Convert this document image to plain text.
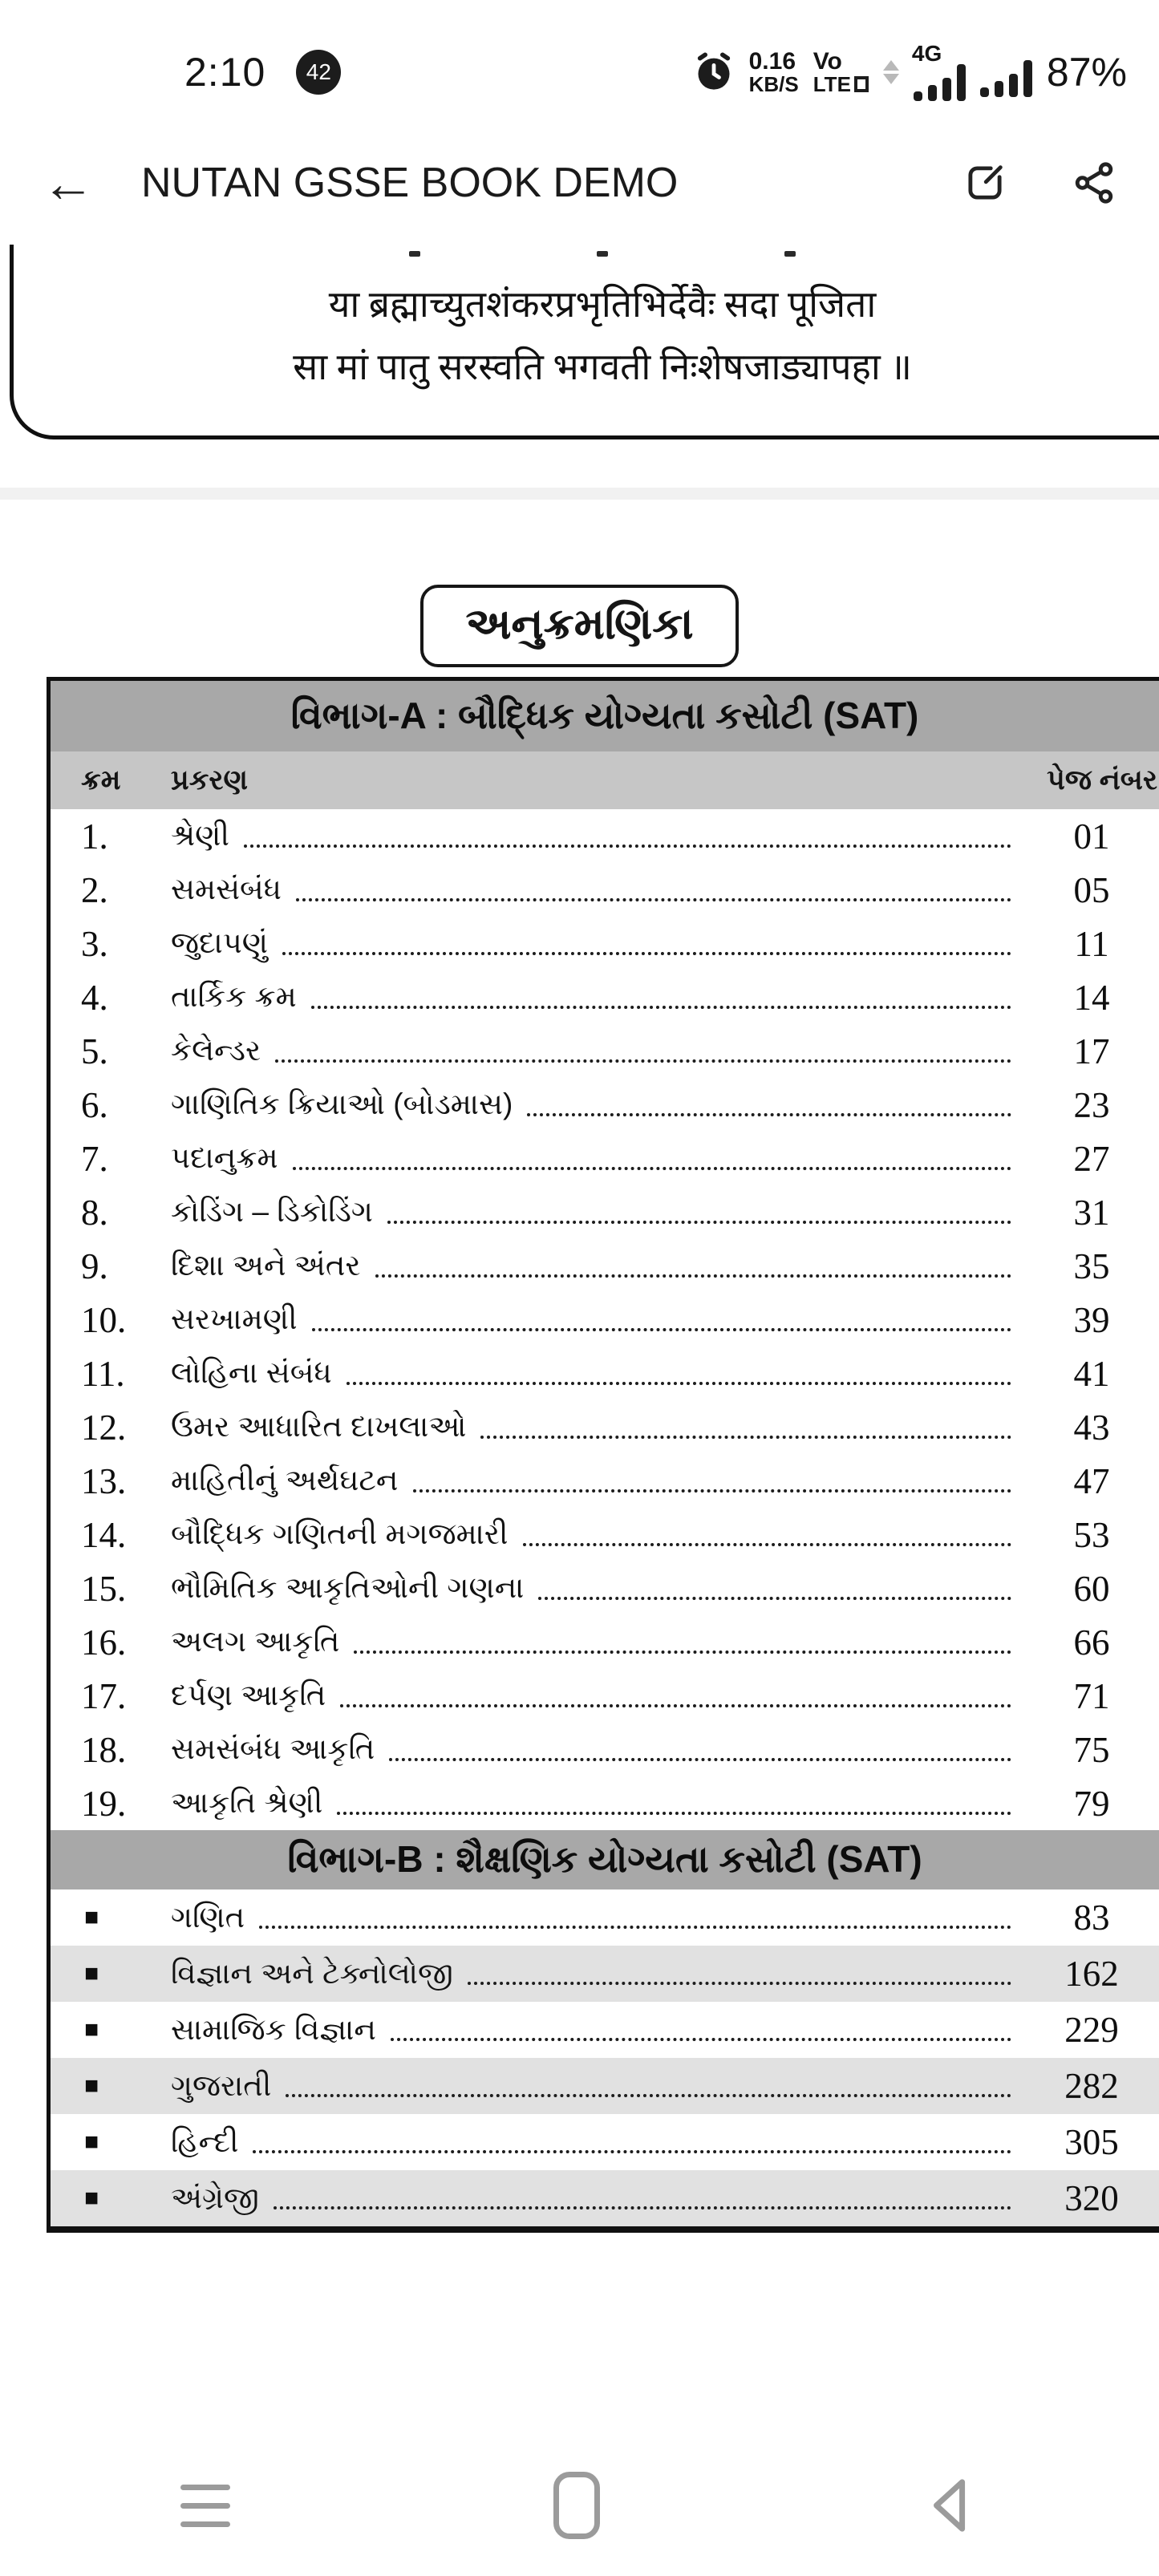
2:10	42	0.16
KB/S
Vo
LTE
4G	87%
← NUTAN GSSE BOOK DEMO
या ब्रह्माच्युतशंकरप्रभृतिभिर्देवैः सदा पूजिता
सा मां पातु सरस्वति भगवती निःशेषजाड्यापहा ॥
અનુક્રમણિકા
વિભાગ-A : બૌદ્ધિક યોગ્યતા કસોટી (SAT)
ક્રમ	પ્રકરણ	પેજ નંબર
1.	શ્રેણી	01
2.	સમસંબંધ	05
3.	જુદાપણું	11
4.	તાર્કિક ક્રમ	14
5.	કેલેન્ડર	17
6.	ગાણિતિક ક્રિયાઓ (બોડમાસ)	23
7.	પદાનુક્રમ	27
8.	કોડિંગ – ડિકોડિંગ	31
9.	દિશા અને અંતર	35
10.	સરખામણી	39
11.	લોહિના સંબંધ	41
12.	ઉમર આધારિત દાખલાઓ	43
13.	માહિતીનું અર્થઘટન	47
14.	બૌદ્ધિક ગણિતની મગજમારી	53
15.	ભૌમિતિક આકૃતિઓની ગણના	60
16.	અલગ આકૃતિ	66
17.	દર્પણ આકૃતિ	71
18.	સમસંબંધ આકૃતિ	75
19.	આકૃતિ શ્રેણી	79
વિભાગ-B : શૈક્ષણિક યોગ્યતા કસોટી (SAT)
■	ગણિત	83
■	વિજ્ઞાન અને ટેક્નોલોજી	162
■	સામાજિક વિજ્ઞાન	229
■	ગુજરાતી	282
■	હિન્દી	305
■	અંગ્રેજી	320
